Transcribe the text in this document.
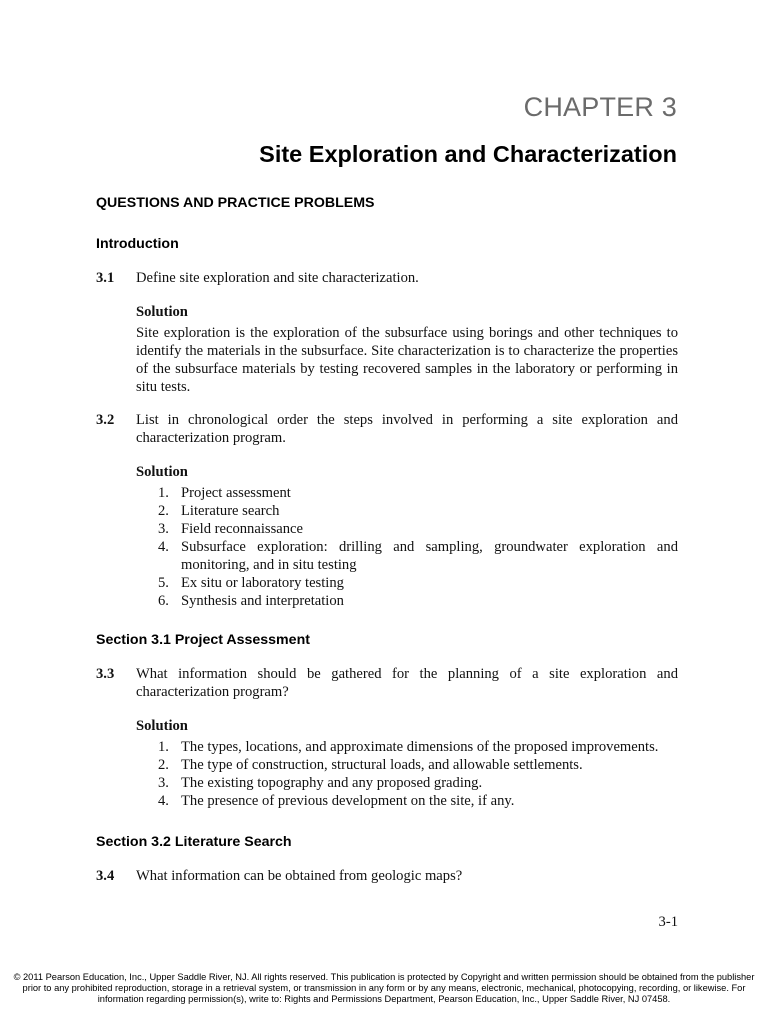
CHAPTER 3
Site Exploration and Characterization
QUESTIONS AND PRACTICE PROBLEMS
Introduction
3.1 Define site exploration and site characterization.
Solution
Site exploration is the exploration of the subsurface using borings and other techniques to identify the materials in the subsurface. Site characterization is to characterize the properties of the subsurface materials by testing recovered samples in the laboratory or performing in situ tests.
3.2 List in chronological order the steps involved in performing a site exploration and characterization program.
Solution
1. Project assessment
2. Literature search
3. Field reconnaissance
4. Subsurface exploration: drilling and sampling, groundwater exploration and monitoring, and in situ testing
5. Ex situ or laboratory testing
6. Synthesis and interpretation
Section 3.1 Project Assessment
3.3 What information should be gathered for the planning of a site exploration and characterization program?
Solution
1. The types, locations, and approximate dimensions of the proposed improvements.
2. The type of construction, structural loads, and allowable settlements.
3. The existing topography and any proposed grading.
4. The presence of previous development on the site, if any.
Section 3.2 Literature Search
3.4 What information can be obtained from geologic maps?
3-1
© 2011 Pearson Education, Inc., Upper Saddle River, NJ. All rights reserved. This publication is protected by Copyright and written permission should be obtained from the publisher prior to any prohibited reproduction, storage in a retrieval system, or transmission in any form or by any means, electronic, mechanical, photocopying, recording, or likewise. For information regarding permission(s), write to: Rights and Permissions Department, Pearson Education, Inc., Upper Saddle River, NJ 07458.
